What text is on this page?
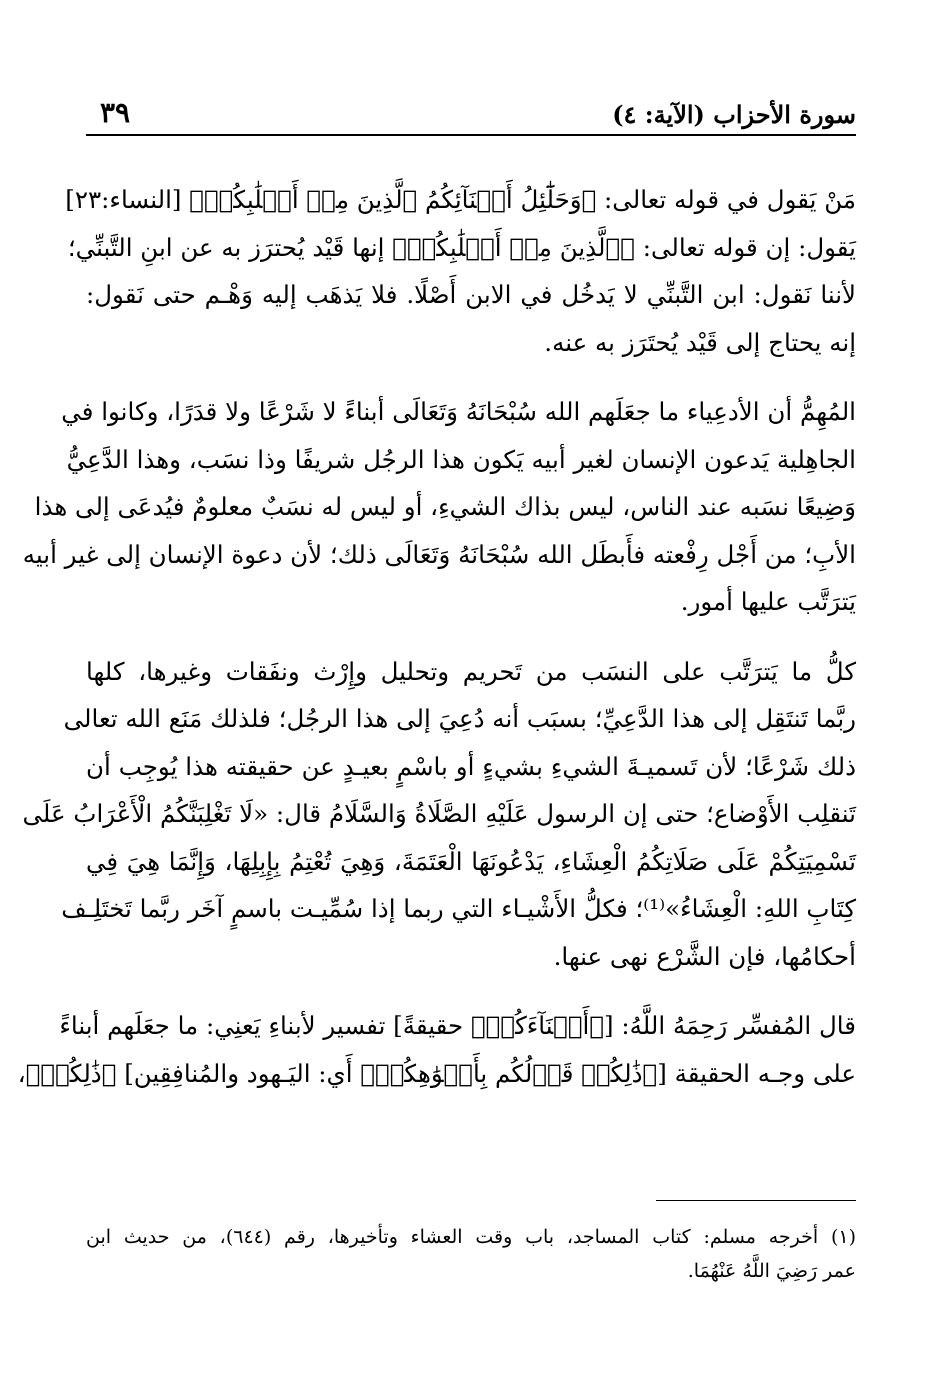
سورة الأحزاب (الآية: ٤)
٣٩

مَنْ يَقول في قوله تعالى: ﴿وَحَلَٰٓئِلُ أَبۡنَآئِكُمُ ٱلَّذِينَ مِنۡ أَصۡلَٰبِكُمۡ﴾ [النساء:٢٣]
يَقول: إن قوله تعالى: ﴿ٱلَّذِينَ مِنۡ أَصۡلَٰبِكُمۡ﴾ إنها قَيْد يُحترَز به عن ابنِ التَّبنِّي؛
لأننا نَقول: ابن التَّبنِّي لا يَدخُل في الابن أَصْلًا. فلا يَذهَب إليه وَهْـم حتى نَقول:
إنه يحتاج إلى قَيْد يُحتَرَز به عنه.

المُهِمُّ أن الأدعِياء ما جعَلَهم الله سُبْحَانَهُ وَتَعَالَى أبناءً لا شَرْعًا ولا قدَرًا، وكانوا في
الجاهِلية يَدعون الإنسان لغير أبيه يَكون هذا الرجُل شريفًا وذا نسَب، وهذا الدَّعِيُّ
وَضِيعًا نسَبه عند الناس، ليس بذاك الشيءِ، أو ليس له نسَبٌ معلومٌ فيُدعَى إلى هذا
الأبِ؛ من أَجْل رِفْعته فأَبطَل الله سُبْحَانَهُ وَتَعَالَى ذلك؛ لأن دعوة الإنسان إلى غير أبيه
يَترَتَّب عليها أمور.

كلُّ ما يَترَتَّب على النسَب من تَحريم وتحليل وإِرْث ونفَقات وغيرها، كلها
ربَّما تَنتَقِل إلى هذا الدَّعِيِّ؛ بسبَب أنه دُعِيَ إلى هذا الرجُل؛ فلذلك مَنَع الله تعالى
ذلك شَرْعًا؛ لأن تَسميـةَ الشيءِ بشيءٍ أو باسْمٍ بعيـدٍ عن حقيقته هذا يُوجِب أن
تَنقلِب الأَوْضاع؛ حتى إن الرسول عَلَيْهِ الصَّلَاةُ وَالسَّلَامُ قال: «لَا تَغْلِبَنَّكُمُ الْأَعْرَابُ عَلَى
تَسْمِيَتِكُمْ عَلَى صَلَاتِكُمُ الْعِشَاءِ، يَدْعُونَهَا الْعَتَمَةَ، وَهِيَ تُعْتِمُ بِإِبِلِهَا، وَإِنَّمَا هِيَ فِي
كِتَابِ اللهِ: الْعِشَاءُ»⁽¹⁾؛ فكلُّ الأَشْيـاء التي ربما إذا سُمِّيـت باسمٍ آخَر ربَّما تَختَلِـف
أحكامُها، فإن الشَّرْع نهى عنها.

قال المُفسِّر رَحِمَهُ اللَّهُ: [﴿أَبۡنَآءَكُمۡ﴾ حقيقةً] تفسير لأبناءِ يَعنِي: ما جعَلَهم أبناءً
على وجـه الحقيقة [﴿ذَٰلِكُمۡ قَوۡلُكُم بِأَفۡوَٰهِكُمۡ﴾ أَي: اليَـهود والمُنافِقِين] ﴿ذَٰلِكُمۡ﴾،

(١) أخرجه مسلم: كتاب المساجد، باب وقت العشاء وتأخيرها، رقم (٦٤٤)، من حديث ابن
عمر رَضِيَ اللَّهُ عَنْهُمَا.
